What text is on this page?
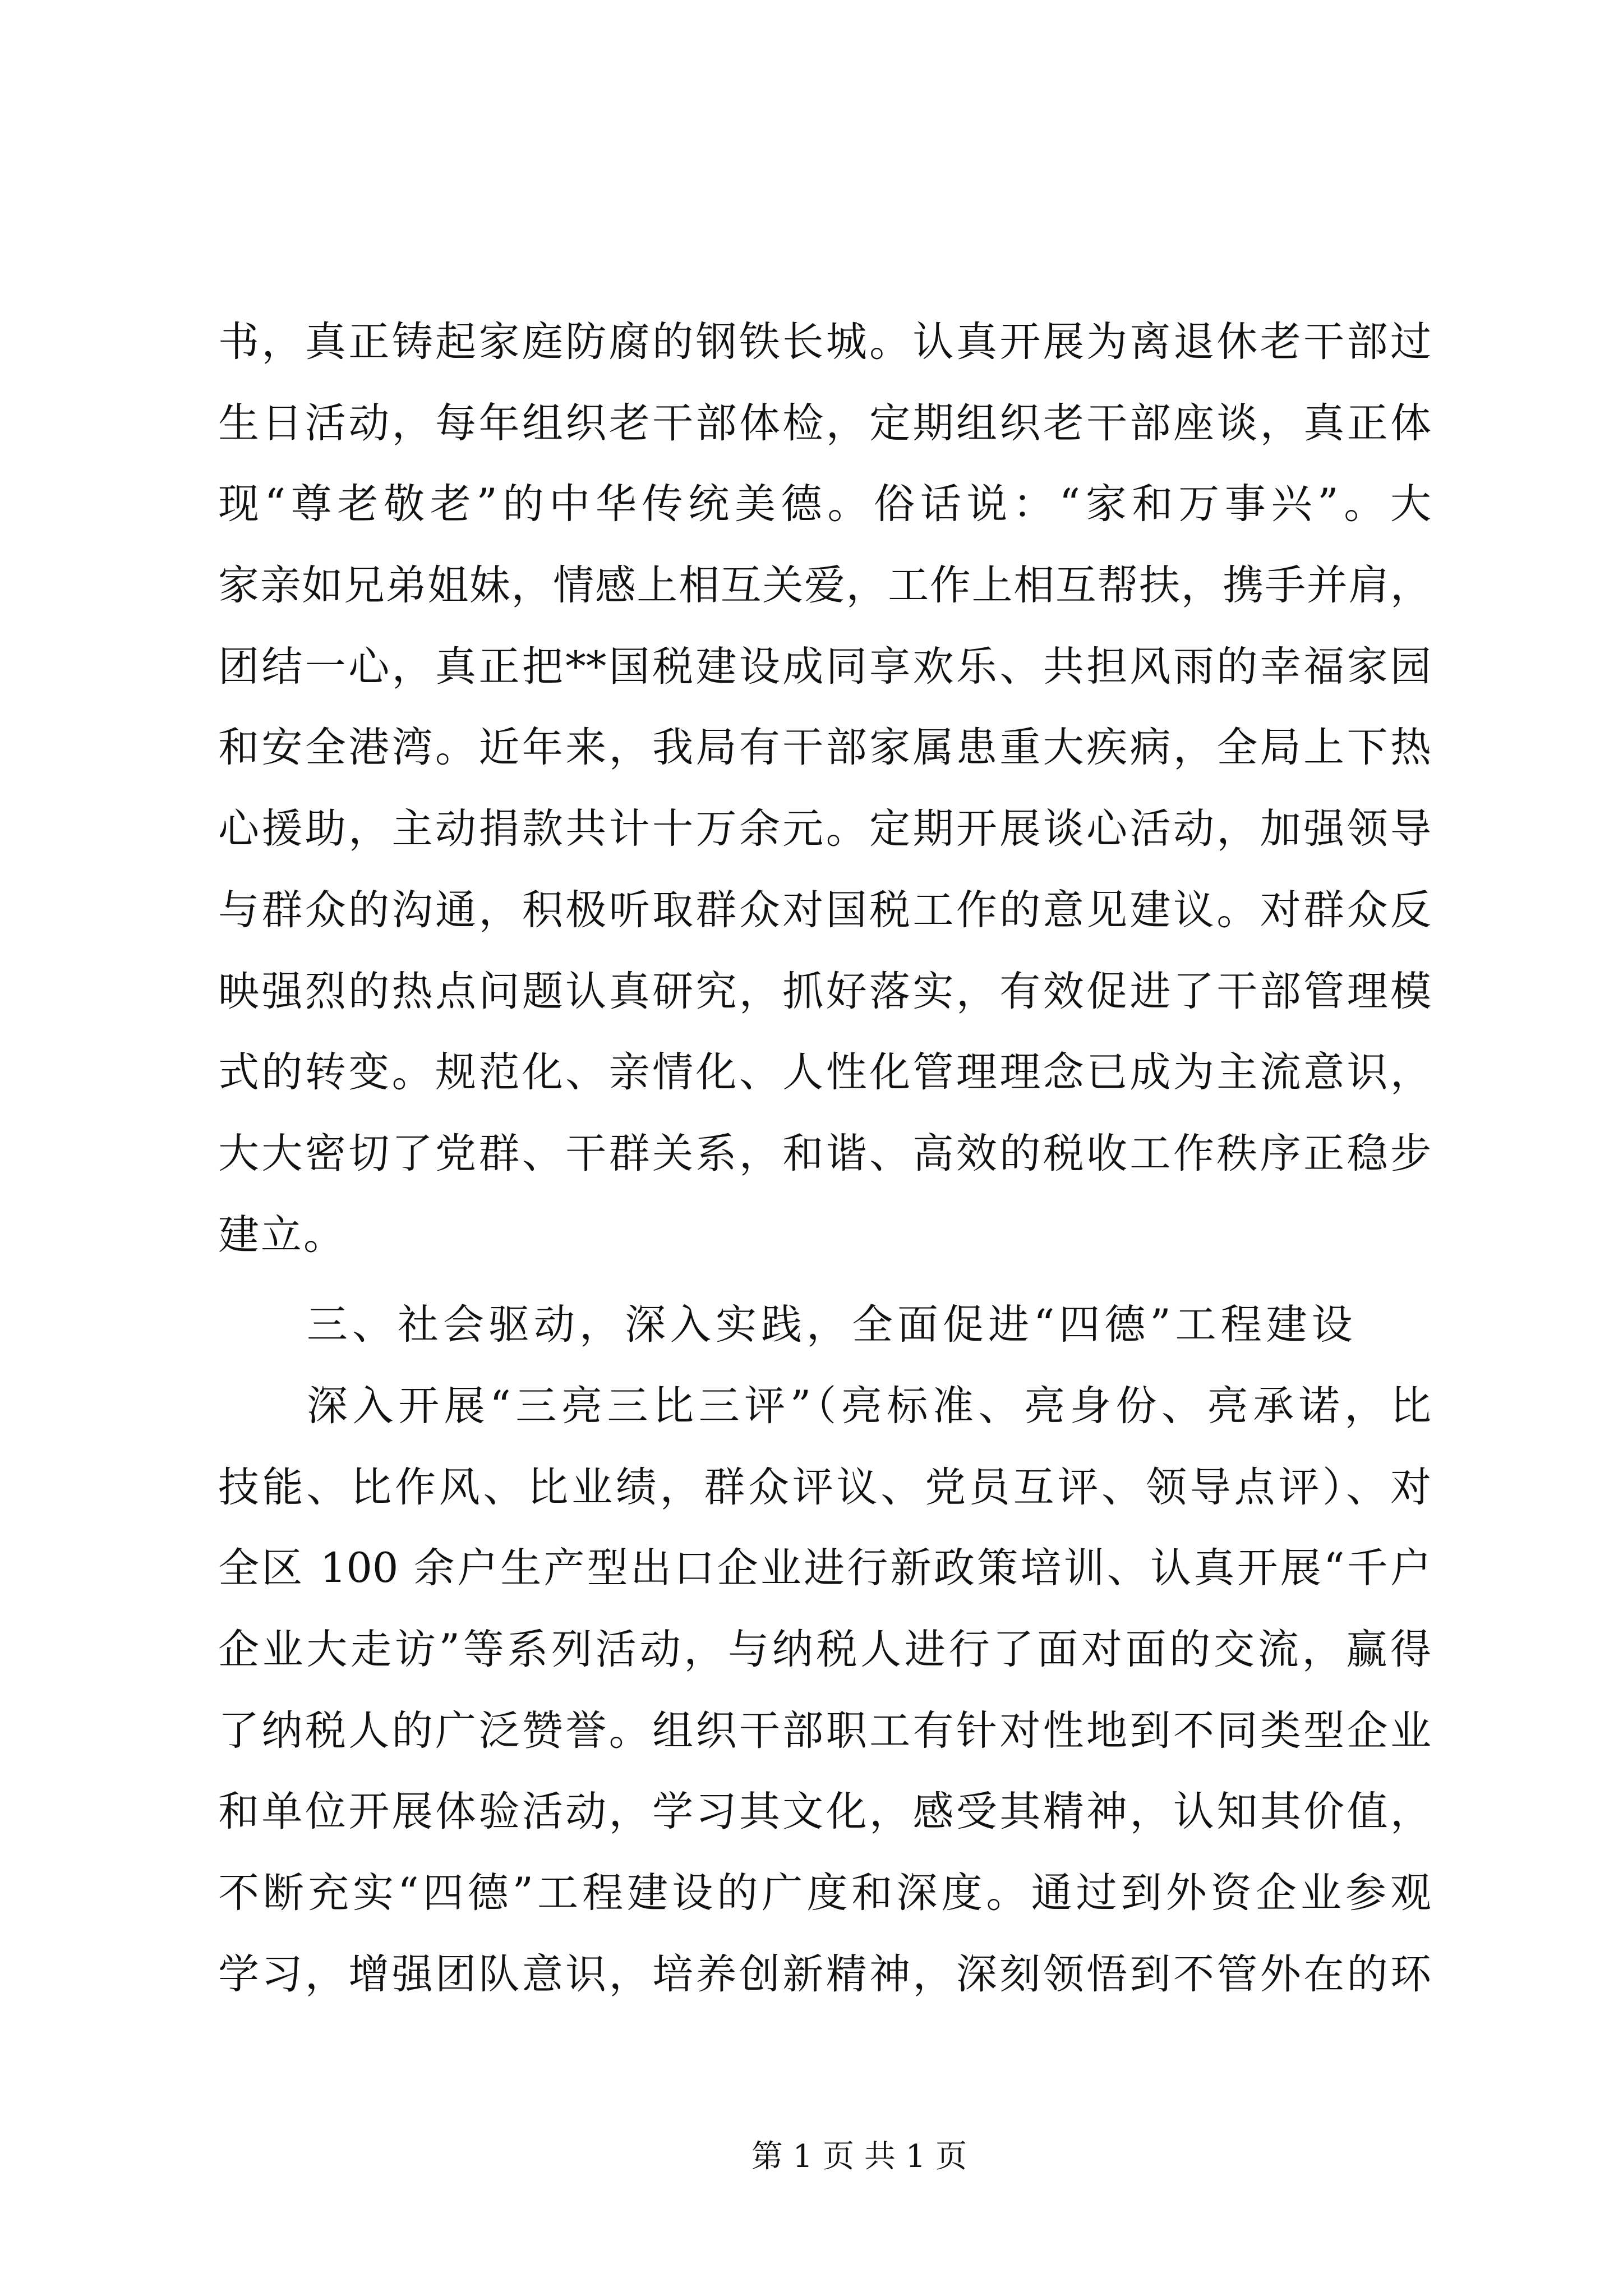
书，真正铸起家庭防腐的钢铁长城。认真开展为离退休老干部过
生日活动，每年组织老干部体检，定期组织老干部座谈，真正体
现“尊老敬老”的中华传统美德。俗话说：“家和万事兴”。大
家亲如兄弟姐妹，情感上相互关爱，工作上相互帮扶，携手并肩，
团结一心，真正把**国税建设成同享欢乐、共担风雨的幸福家园
和安全港湾。近年来，我局有干部家属患重大疾病，全局上下热
心援助，主动捐款共计十万余元。定期开展谈心活动，加强领导
与群众的沟通，积极听取群众对国税工作的意见建议。对群众反
映强烈的热点问题认真研究，抓好落实，有效促进了干部管理模
式的转变。规范化、亲情化、人性化管理理念已成为主流意识，
大大密切了党群、干群关系，和谐、高效的税收工作秩序正稳步
建立。
三、社会驱动，深入实践，全面促进“四德”工程建设
深入开展“三亮三比三评”（亮标准、亮身份、亮承诺，比
技能、比作风、比业绩，群众评议、党员互评、领导点评）、对
全区 100 余户生产型出口企业进行新政策培训、认真开展“千户
企业大走访”等系列活动，与纳税人进行了面对面的交流，赢得
了纳税人的广泛赞誉。组织干部职工有针对性地到不同类型企业
和单位开展体验活动，学习其文化，感受其精神，认知其价值，
不断充实“四德”工程建设的广度和深度。通过到外资企业参观
学习，增强团队意识，培养创新精神，深刻领悟到不管外在的环
第 1 页 共 1 页
